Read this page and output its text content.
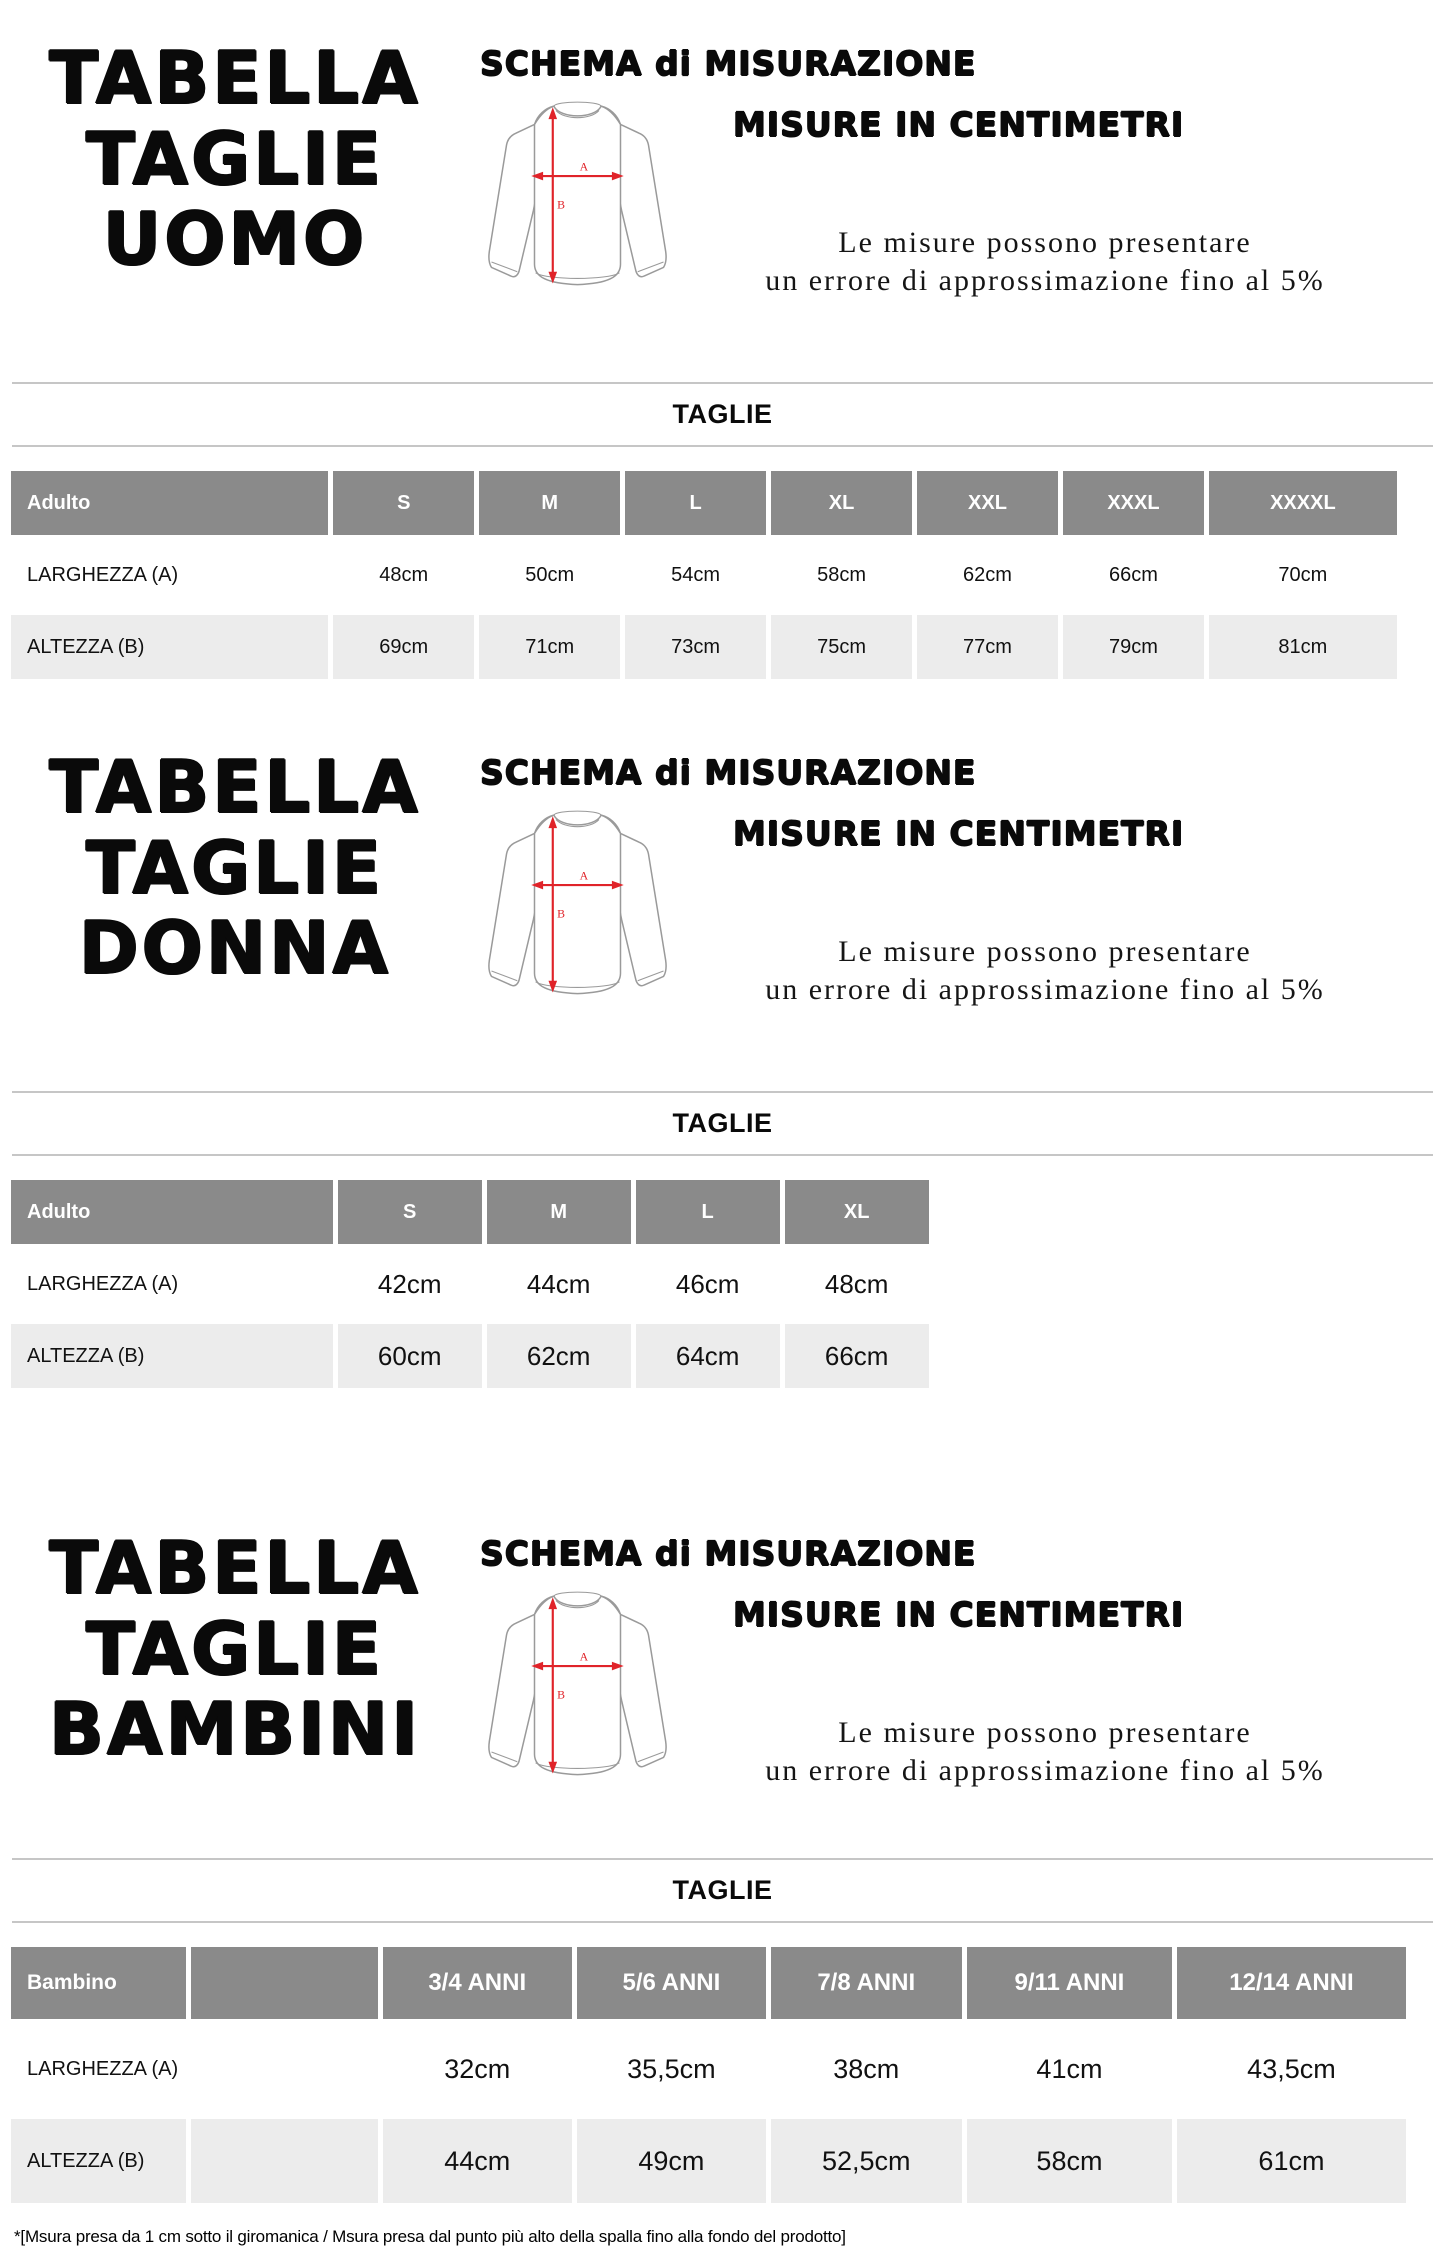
TABELLA
TAGLIE
UOMO
SCHEMA di MISURAZIONE
B
A
MISURE IN CENTIMETRI
Le misure possono presentare
un errore di approssimazione fino al 5%
TAGLIE
Adulto	S	M	L	XL	XXL	XXXL	XXXXL
LARGHEZZA (A)	48cm	50cm	54cm	58cm	62cm	66cm	70cm
ALTEZZA (B)	69cm	71cm	73cm	75cm	77cm	79cm	81cm
TABELLA
TAGLIE
DONNA
SCHEMA di MISURAZIONE
B
A
MISURE IN CENTIMETRI
Le misure possono presentare
un errore di approssimazione fino al 5%
TAGLIE
Adulto	S	M	L	XL
LARGHEZZA (A)	42cm	44cm	46cm	48cm
ALTEZZA (B)	60cm	62cm	64cm	66cm
TABELLA
TAGLIE
BAMBINI
SCHEMA di MISURAZIONE
B
A
MISURE IN CENTIMETRI
Le misure possono presentare
un errore di approssimazione fino al 5%
TAGLIE
Bambino		3/4 ANNI	5/6 ANNI	7/8 ANNI	9/11 ANNI	12/14 ANNI
LARGHEZZA (A)		32cm	35,5cm	38cm	41cm	43,5cm
ALTEZZA (B)		44cm	49cm	52,5cm	58cm	61cm
*[Msura presa da 1 cm sotto il giromanica / Msura presa dal punto più alto della spalla fino alla fondo del prodotto]
